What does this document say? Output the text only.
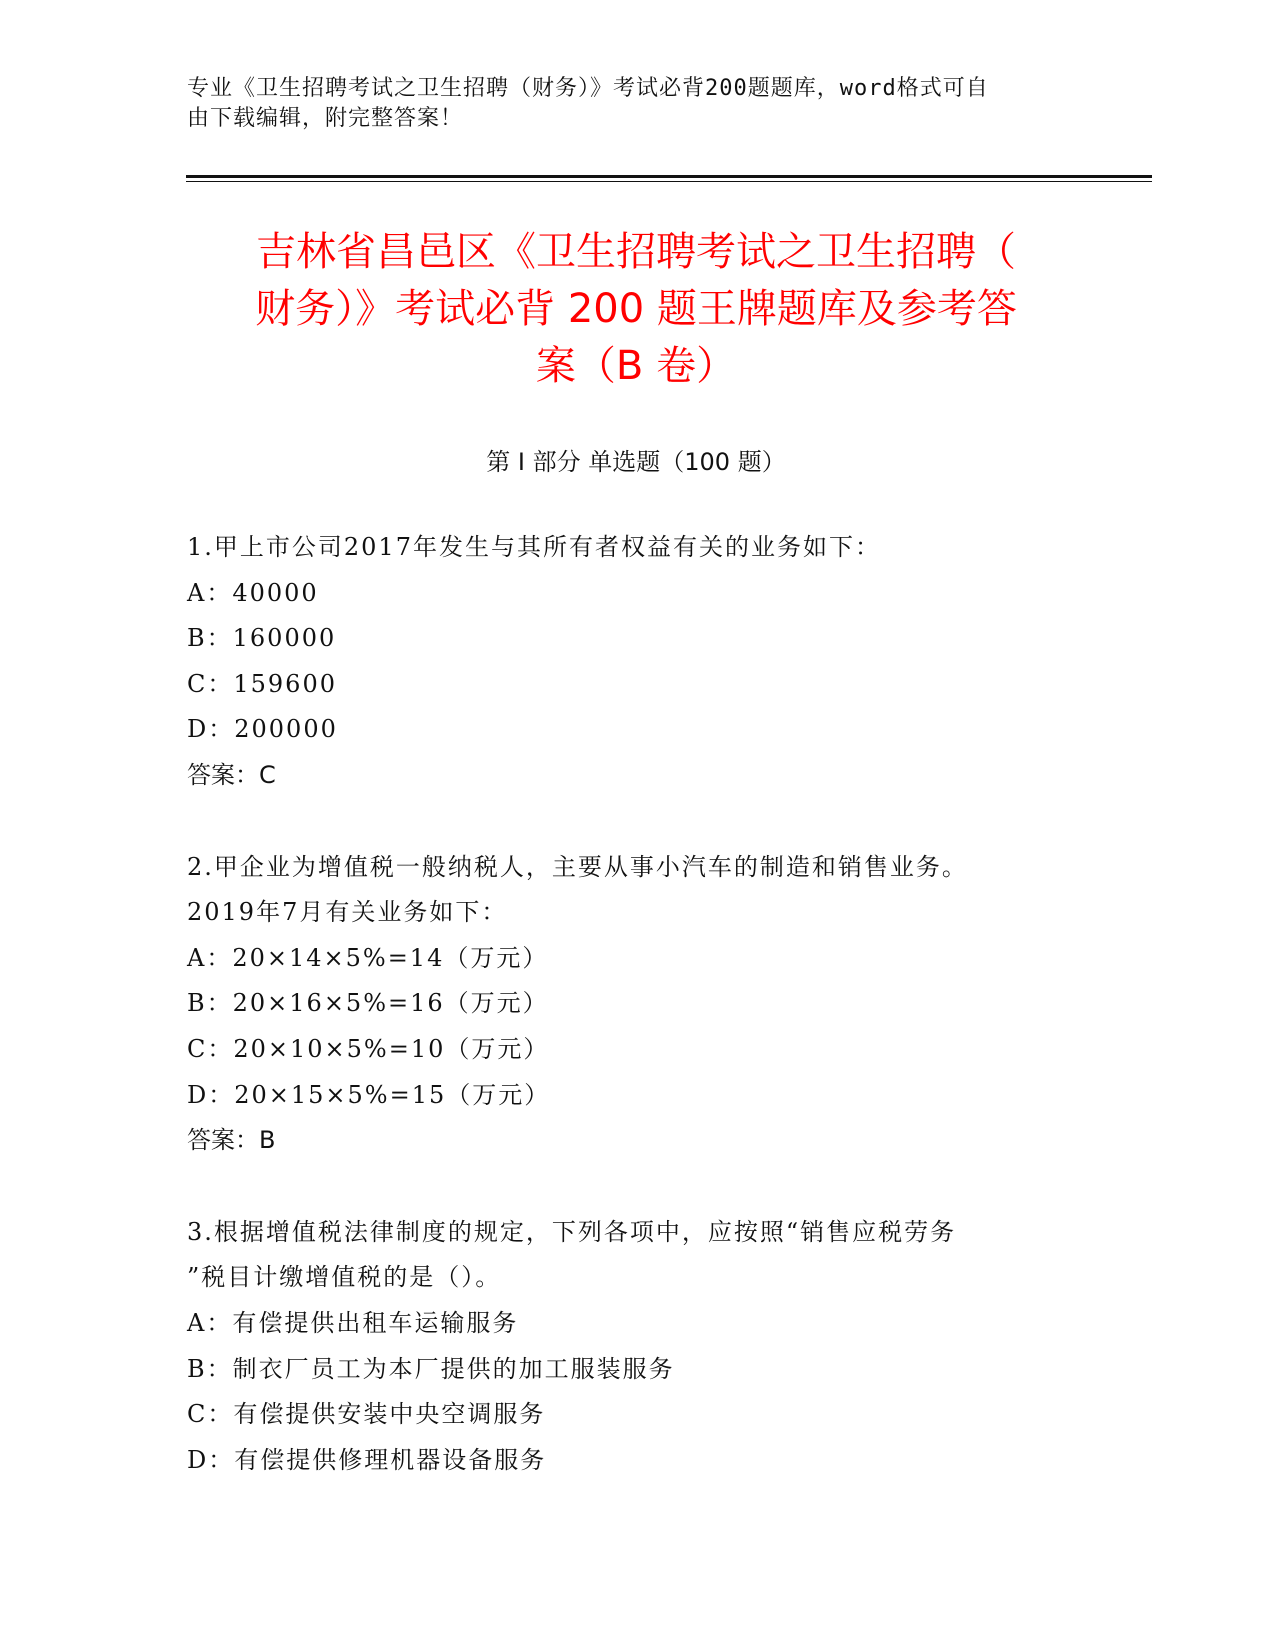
专业《卫生招聘考试之卫生招聘（财务）》考试必背200题题库，word格式可自
由下载编辑，附完整答案！
吉林省昌邑区《卫生招聘考试之卫生招聘（
财务）》考试必背 200 题王牌题库及参考答
案（B 卷）
第 I 部分 单选题（100 题）
1.甲上市公司2017年发生与其所有者权益有关的业务如下：
A：40000
B：160000
C：159600
D：200000
答案：C
2.甲企业为增值税一般纳税人，主要从事小汽车的制造和销售业务。
2019年7月有关业务如下：
A：20×14×5%=14（万元）
B：20×16×5%=16（万元）
C：20×10×5%=10（万元）
D：20×15×5%=15（万元）
答案：B
3.根据增值税法律制度的规定，下列各项中，应按照“销售应税劳务
”税目计缴增值税的是（）。
A：有偿提供出租车运输服务
B：制衣厂员工为本厂提供的加工服装服务
C：有偿提供安装中央空调服务
D：有偿提供修理机器设备服务
